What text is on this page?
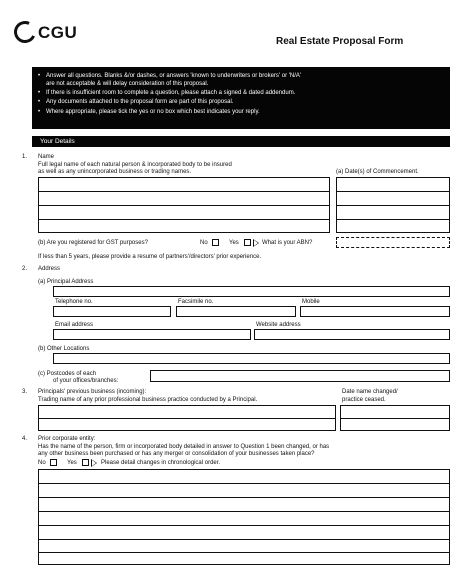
CGU	Real Estate Proposal Form
• Answer all questions. Blanks &/or dashes, or answers 'known to underwriters or brokers' or 'N/A'
are not acceptable & will delay consideration of this proposal.
• If there is insufficient room to complete a question, please attach a signed & dated addendum.
• Any documents attached to the proposal form are part of this proposal.
• Where appropriate, please tick the yes or no box which best indicates your reply.
Your Details
1. Name
Full legal name of each natural person & incorporated body to be insured
as well as any unincorporated business or trading names.	(a) Date(s) of Commencement.
(b) Are you registered for GST purposes?	No	Yes	What is your ABN?
If less than 5 years, please provide a resume of partners'/directors' prior experience.
2. Address
(a) Principal Address
Telephone no.	Facsimile no.	Mobile
Email address	Website address
(b) Other Locations
(c) Postcodes of each
of your offices/branches:
3. Principals' previous business (incoming):
Trading name of any prior professional business practice conducted by a Principal.
Date name changed/
practice ceased.
4. Prior corporate entity:
Has the name of the person, firm or incorporated body detailed in answer to Question 1 been changed, or has
any other business been purchased or has any merger or consolidation of your businesses taken place?
No	Yes	Please detail changes in chronological order.
